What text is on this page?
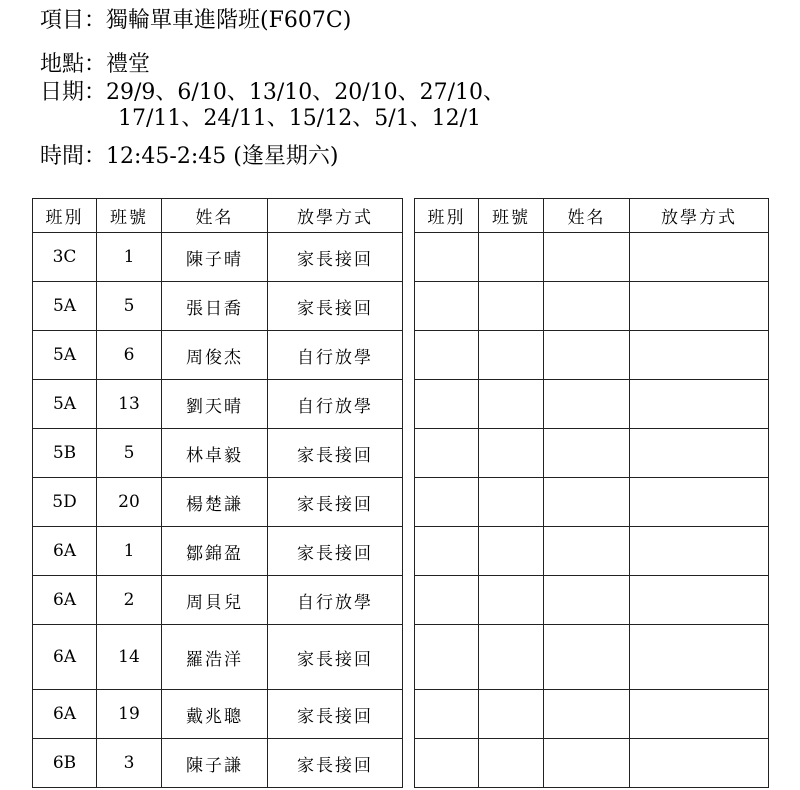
項目：獨輪單車進階班(F607C)
地點：禮堂
日期：29/9、6/10、13/10、20/10、27/10、
17/11、24/11、15/12、5/1、12/1
時間：12:45-2:45 (逢星期六)
班別	班號	姓名	放學方式
3C	1	陳子晴	家長接回
5A	5	張日喬	家長接回
5A	6	周俊杰	自行放學
5A	13	劉天晴	自行放學
5B	5	林卓毅	家長接回
5D	20	楊楚謙	家長接回
6A	1	鄒錦盈	家長接回
6A	2	周貝兒	自行放學
6A	14	羅浩洋	家長接回
6A	19	戴兆聰	家長接回
6B	3	陳子謙	家長接回
班別	班號	姓名	放學方式
